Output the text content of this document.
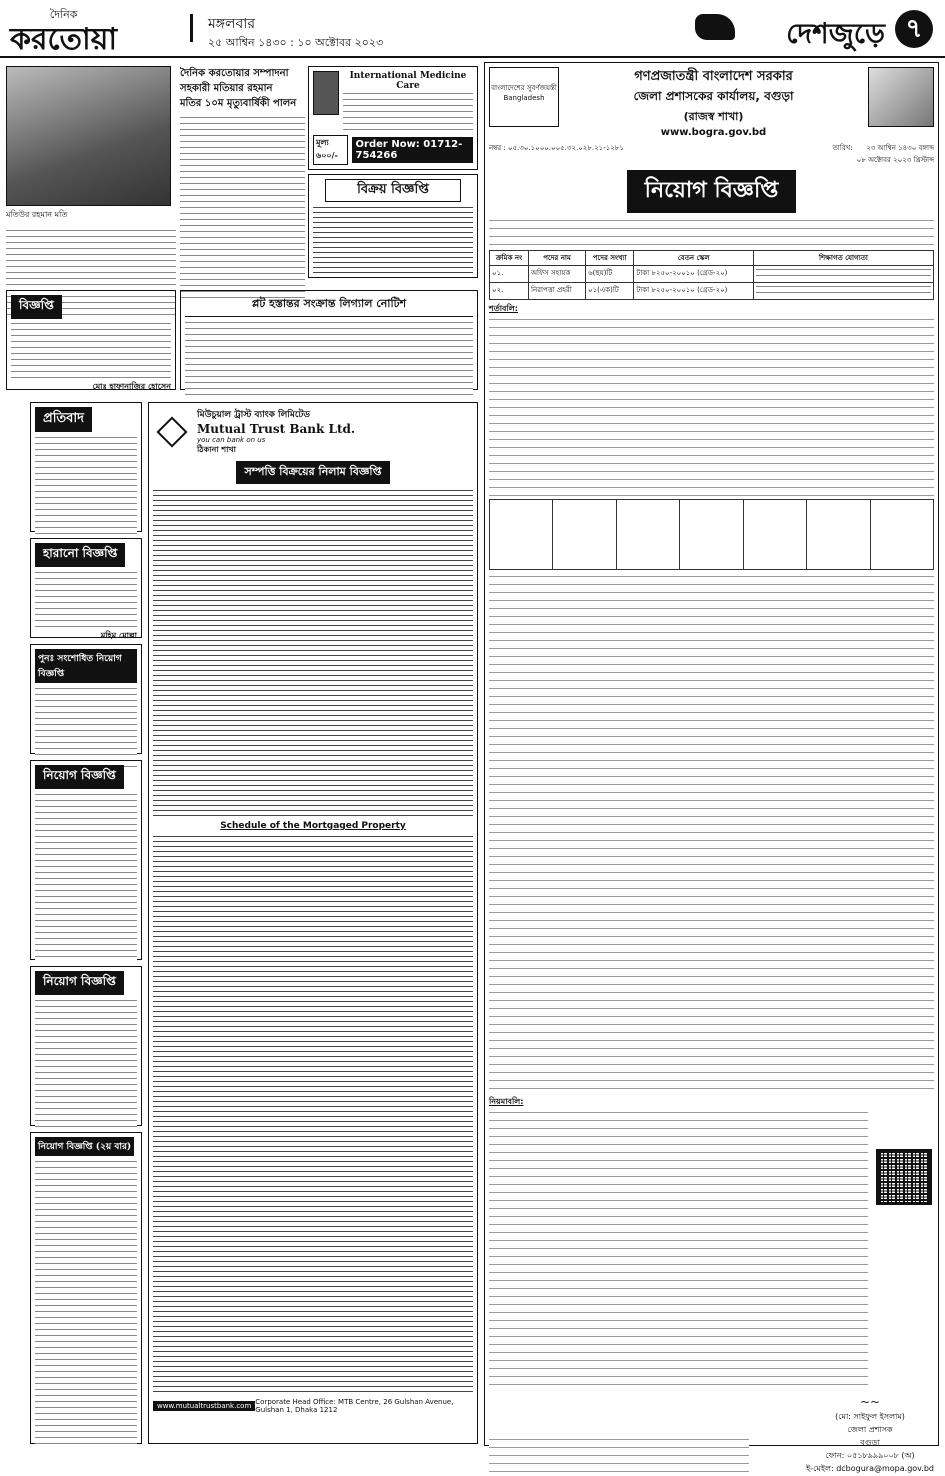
দৈনিক
করতোয়া	মঙ্গলবার
২৫ আশ্বিন ১৪৩০ : ১০ অক্টোবর ২০২৩	দেশজুড়ে ৭
মতিউর রহমান মতি
দৈনিক করতোয়ার সম্পাদনা
সহকারী মতিয়ার রহমান
মতির ১০ম মৃত্যুবার্ষিকী পালন
International Medicine Care
মূল্য ৬০০/-
Order Now: 01712-754266
বিক্রয় বিজ্ঞপ্তি
প্লট হস্তান্তর সংক্রান্ত লিগ্যাল নোটিশ
বিজ্ঞপ্তি
মোঃ হাফানাজির হোসেন
প্রতিবাদ
হারানো বিজ্ঞপ্তি
মহিম মোল্লা
পুনঃ সংশোধিত নিয়োগ বিজ্ঞপ্তি
নিয়োগ বিজ্ঞপ্তি
নিয়োগ বিজ্ঞপ্তি
নিয়োগ বিজ্ঞপ্তি (২য় বার)
মিউচুয়াল ট্রাস্ট ব্যাংক লিমিটেড
Mutual Trust Bank Ltd.
you can bank on us
ঠিকানা শাখা
সম্পত্তি বিক্রয়ের নিলাম বিজ্ঞপ্তি
Schedule of the Mortgaged Property
www.mutualtrustbank.com Corporate Head Office: MTB Centre, 26 Gulshan Avenue, Gulshan 1, Dhaka 1212
বাংলাদেশের সুবর্ণজয়ন্তী Bangladesh
গণপ্রজাতন্ত্রী বাংলাদেশ সরকার
জেলা প্রশাসকের কার্যালয়, বগুড়া
(রাজস্ব শাখা)
www.bogra.gov.bd
নম্বর : ০৫.৩০.১০০০.০০৫.৩২.০২৮.২১-১২৮১	তারিখ:	২৩ আশ্বিন ১৪৩০ বঙ্গাব্দ
০৮ অক্টোবর ২০২৩ খ্রিস্টাব্দ
নিয়োগ বিজ্ঞপ্তি
ক্রমিক নং	পদের নাম	পদের সংখ্যা	বেতন স্কেল	শিক্ষাগত যোগ্যতা
০১.	অফিস সহায়ক	৬(ছয়)টি	টাকা ৮২৫০-২০০১০ (গ্রেড-২০)	

০২.	নিরাপত্তা প্রহরী	০১(এক)টি	টাকা ৮২৫০-২০০১০ (গ্রেড-২০)	
শর্তাবলি:

নিয়মাবলি:
~~
(মো: সাইফুল ইসলাম)
জেলা প্রশাসক
বগুড়া
ফোন: ০৫১৮৯৯৯০০৮ (অ)
ই-মেইল: dcbogura@mopa.gov.bd
